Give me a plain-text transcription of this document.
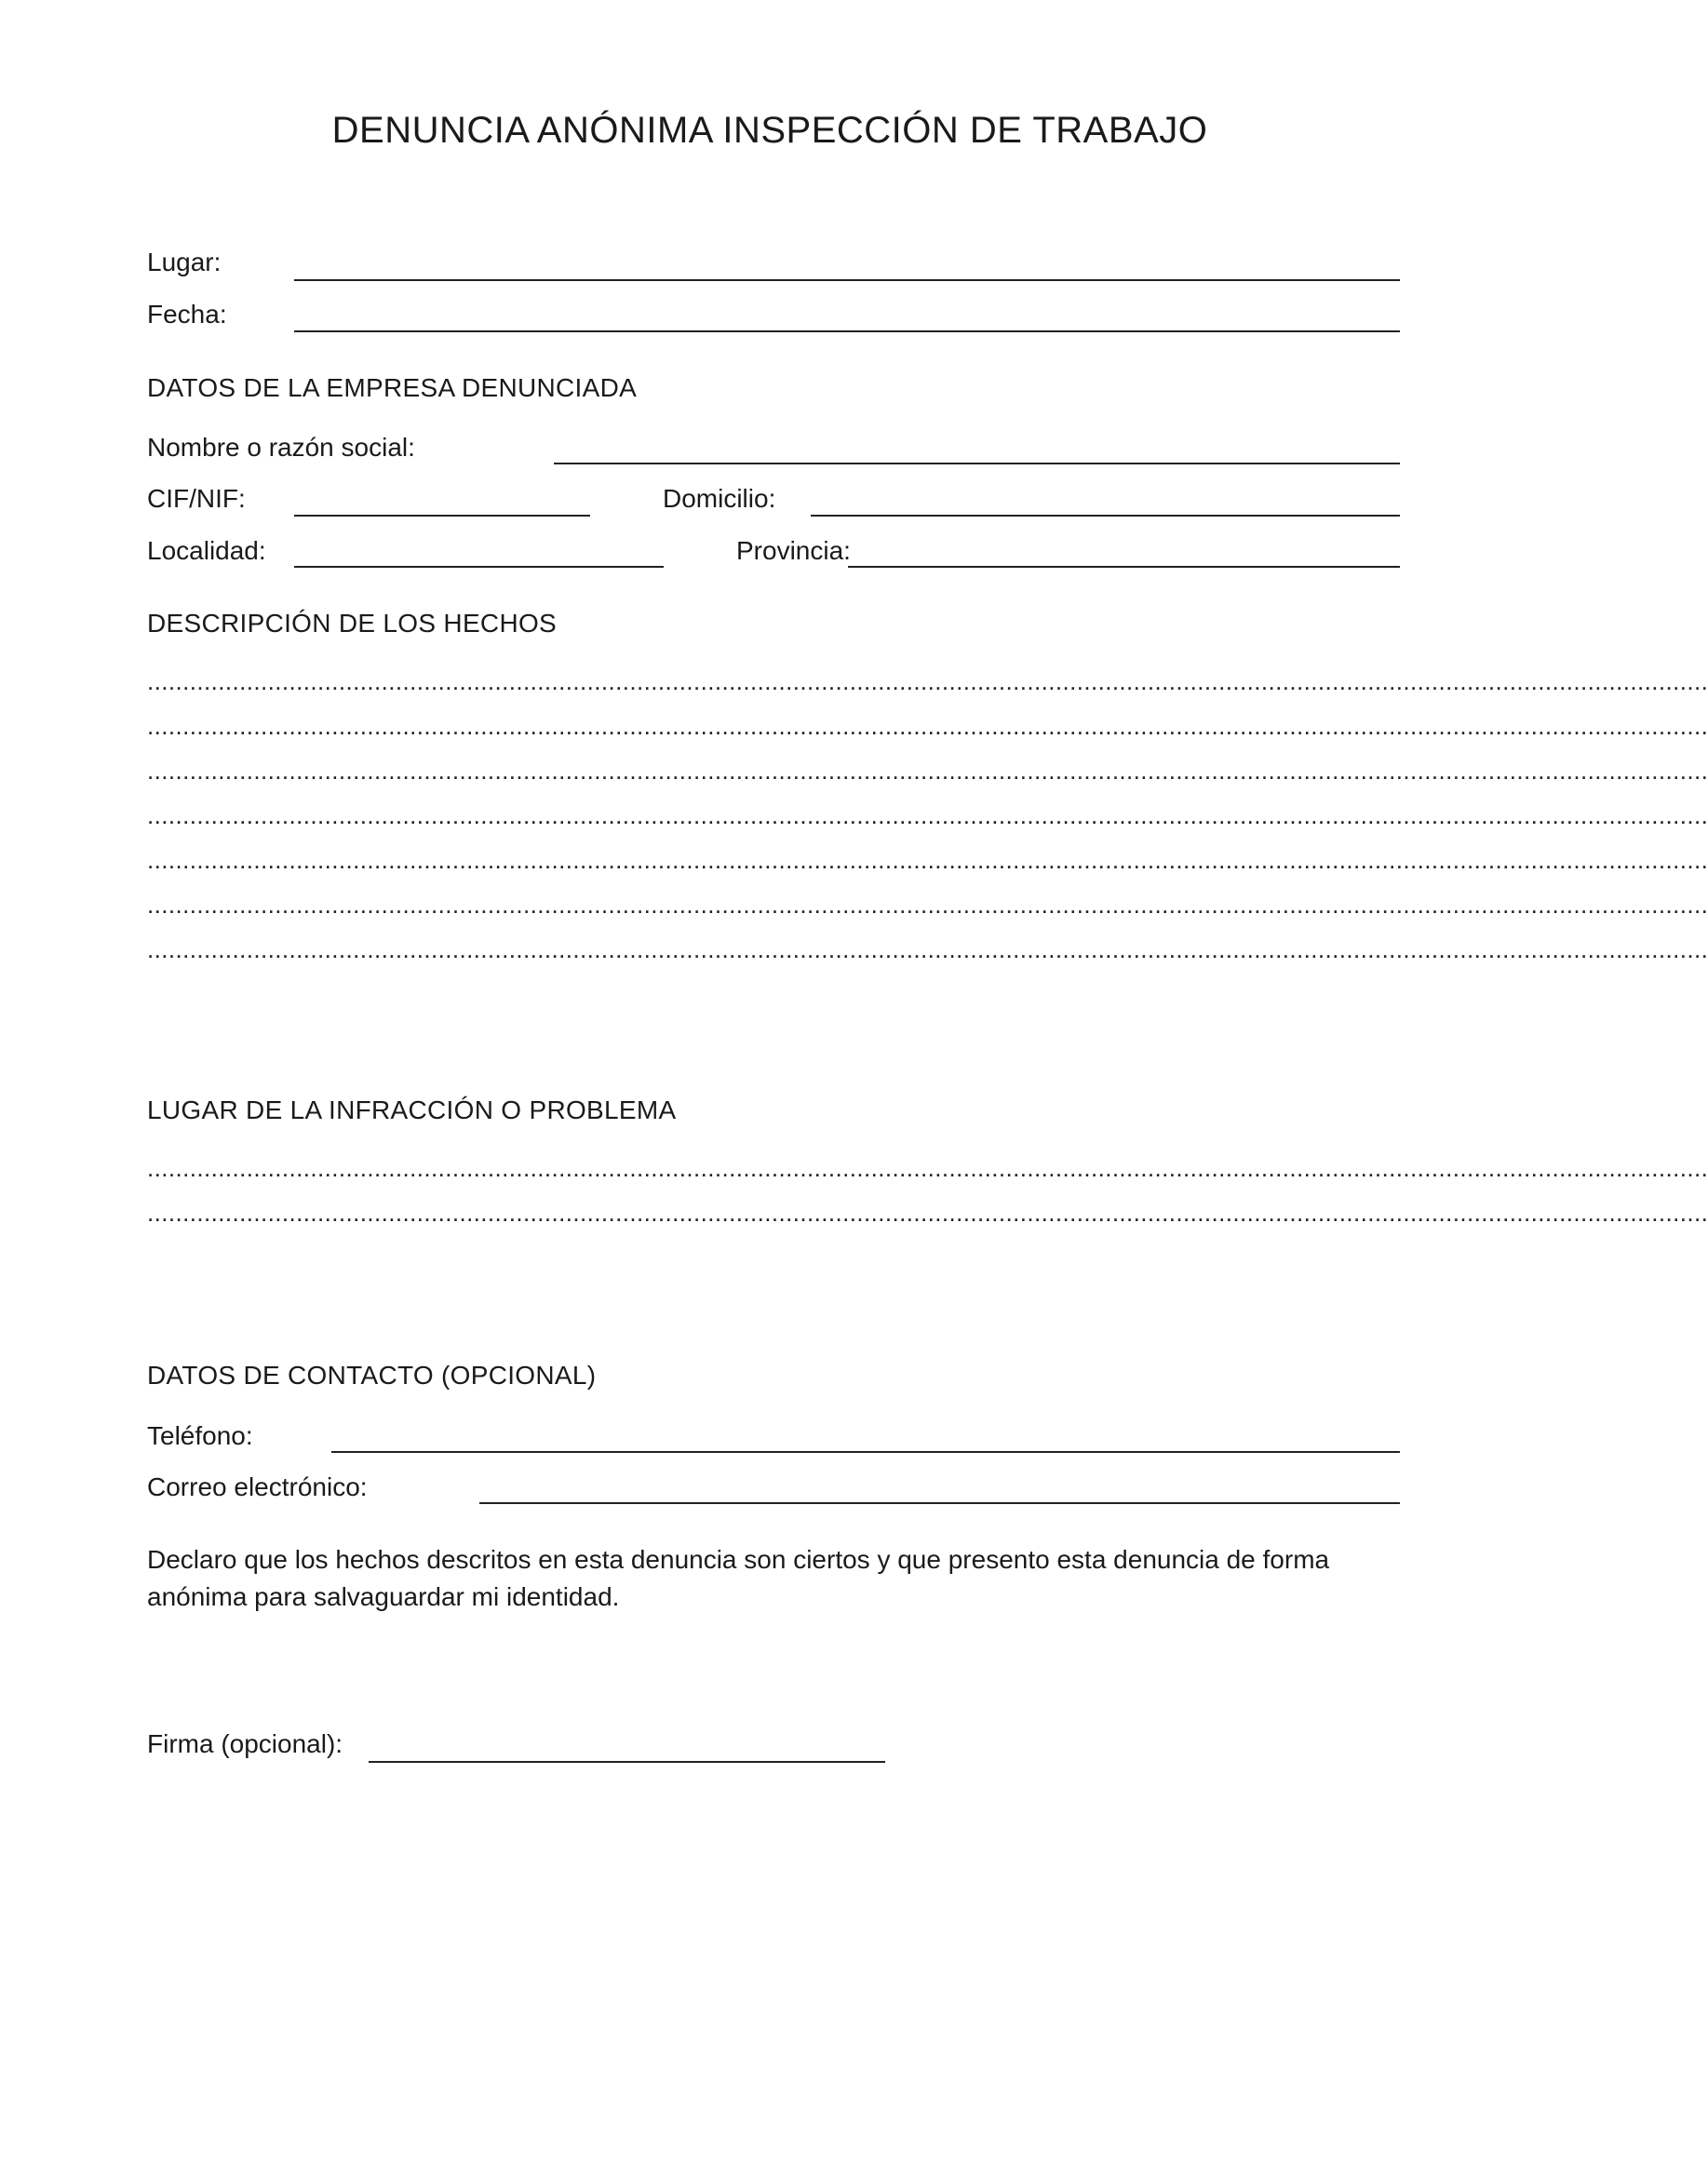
DENUNCIA ANÓNIMA INSPECCIÓN DE TRABAJO
Lugar:
Fecha:
DATOS DE LA EMPRESA DENUNCIADA
Nombre o razón social:
CIF/NIF:	Domicilio:
Localidad:	Provincia:
DESCRIPCIÓN DE LOS HECHOS
............................................................................................................................................................................................................................
............................................................................................................................................................................................................................
............................................................................................................................................................................................................................
............................................................................................................................................................................................................................
............................................................................................................................................................................................................................
............................................................................................................................................................................................................................
............................................................................................................................................................................................................................
LUGAR DE LA INFRACCIÓN O PROBLEMA
............................................................................................................................................................................................................................
............................................................................................................................................................................................................................
DATOS DE CONTACTO (OPCIONAL)
Teléfono:
Correo electrónico:
Declaro que los hechos descritos en esta denuncia son ciertos y que presento esta denuncia de forma anónima para salvaguardar mi identidad.
Firma (opcional):
